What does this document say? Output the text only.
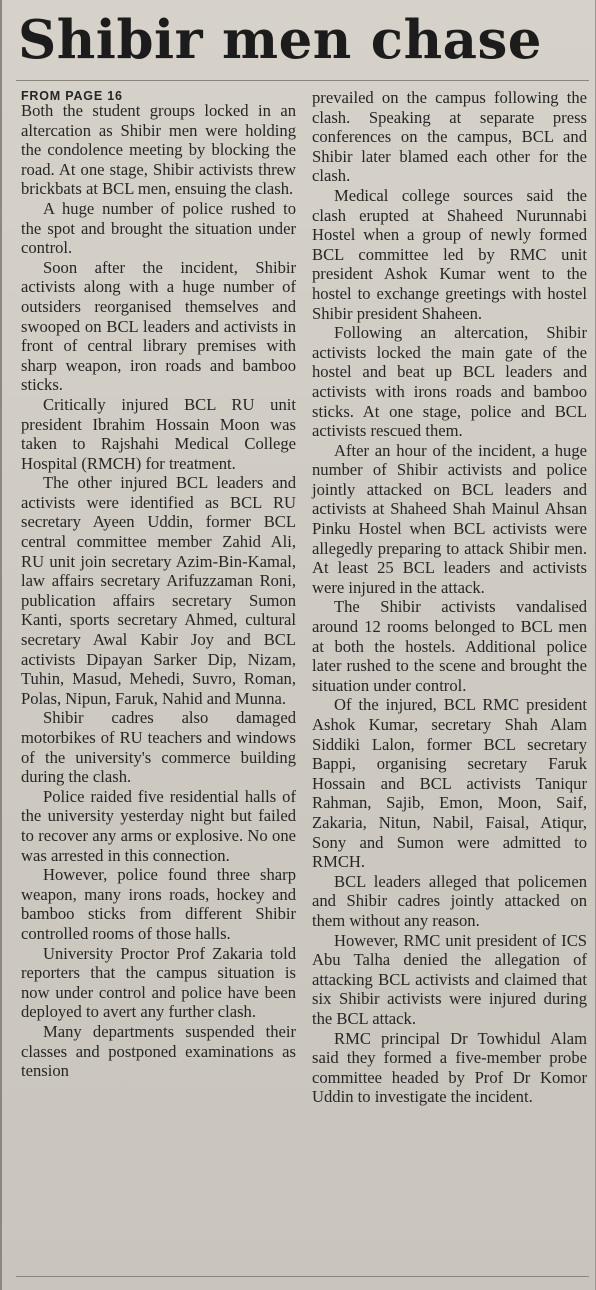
Shibir men chase
FROM PAGE 16

Both the student groups locked in an altercation as Shibir men were holding the condolence meeting by blocking the road. At one stage, Shibir activists threw brickbats at BCL men, ensuing the clash.

A huge number of police rushed to the spot and brought the situation under control.

Soon after the incident, Shibir activists along with a huge number of outsiders reorganised themselves and swooped on BCL leaders and activists in front of central library premises with sharp weapon, iron roads and bamboo sticks.

Critically injured BCL RU unit president Ibrahim Hossain Moon was taken to Rajshahi Medical College Hospital (RMCH) for treatment.

The other injured BCL leaders and activists were identified as BCL RU secretary Ayeen Uddin, former BCL central committee member Zahid Ali, RU unit join secretary Azim-Bin-Kamal, law affairs secretary Arifuzzaman Roni, publication affairs secretary Sumon Kanti, sports secretary Ahmed, cultural secretary Awal Kabir Joy and BCL activists Dipayan Sarker Dip, Nizam, Tuhin, Masud, Mehedi, Suvro, Roman, Polas, Nipun, Faruk, Nahid and Munna.

Shibir cadres also damaged motorbikes of RU teachers and windows of the university's commerce building during the clash.

Police raided five residential halls of the university yesterday night but failed to recover any arms or explosive. No one was arrested in this connection.

However, police found three sharp weapon, many irons roads, hockey and bamboo sticks from different Shibir controlled rooms of those halls.

University Proctor Prof Zakaria told reporters that the campus situation is now under control and police have been deployed to avert any further clash.

Many departments suspended their classes and postponed examinations as tension

prevailed on the campus following the clash. Speaking at separate press conferences on the campus, BCL and Shibir later blamed each other for the clash.

Medical college sources said the clash erupted at Shaheed Nurunnabi Hostel when a group of newly formed BCL committee led by RMC unit president Ashok Kumar went to the hostel to exchange greetings with hostel Shibir president Shaheen.

Following an altercation, Shibir activists locked the main gate of the hostel and beat up BCL leaders and activists with irons roads and bamboo sticks. At one stage, police and BCL activists rescued them.

After an hour of the incident, a huge number of Shibir activists and police jointly attacked on BCL leaders and activists at Shaheed Shah Mainul Ahsan Pinku Hostel when BCL activists were allegedly preparing to attack Shibir men. At least 25 BCL leaders and activists were injured in the attack.

The Shibir activists vandalised around 12 rooms belonged to BCL men at both the hostels. Additional police later rushed to the scene and brought the situation under control.

Of the injured, BCL RMC president Ashok Kumar, secretary Shah Alam Siddiki Lalon, former BCL secretary Bappi, organising secretary Faruk Hossain and BCL activists Taniqur Rahman, Sajib, Emon, Moon, Saif, Zakaria, Nitun, Nabil, Faisal, Atiqur, Sony and Sumon were admitted to RMCH.

BCL leaders alleged that policemen and Shibir cadres jointly attacked on them without any reason.

However, RMC unit president of ICS Abu Talha denied the allegation of attacking BCL activists and claimed that six Shibir activists were injured during the BCL attack.

RMC principal Dr Towhidul Alam said they formed a five-member probe committee headed by Prof Dr Komor Uddin to investigate the incident.
